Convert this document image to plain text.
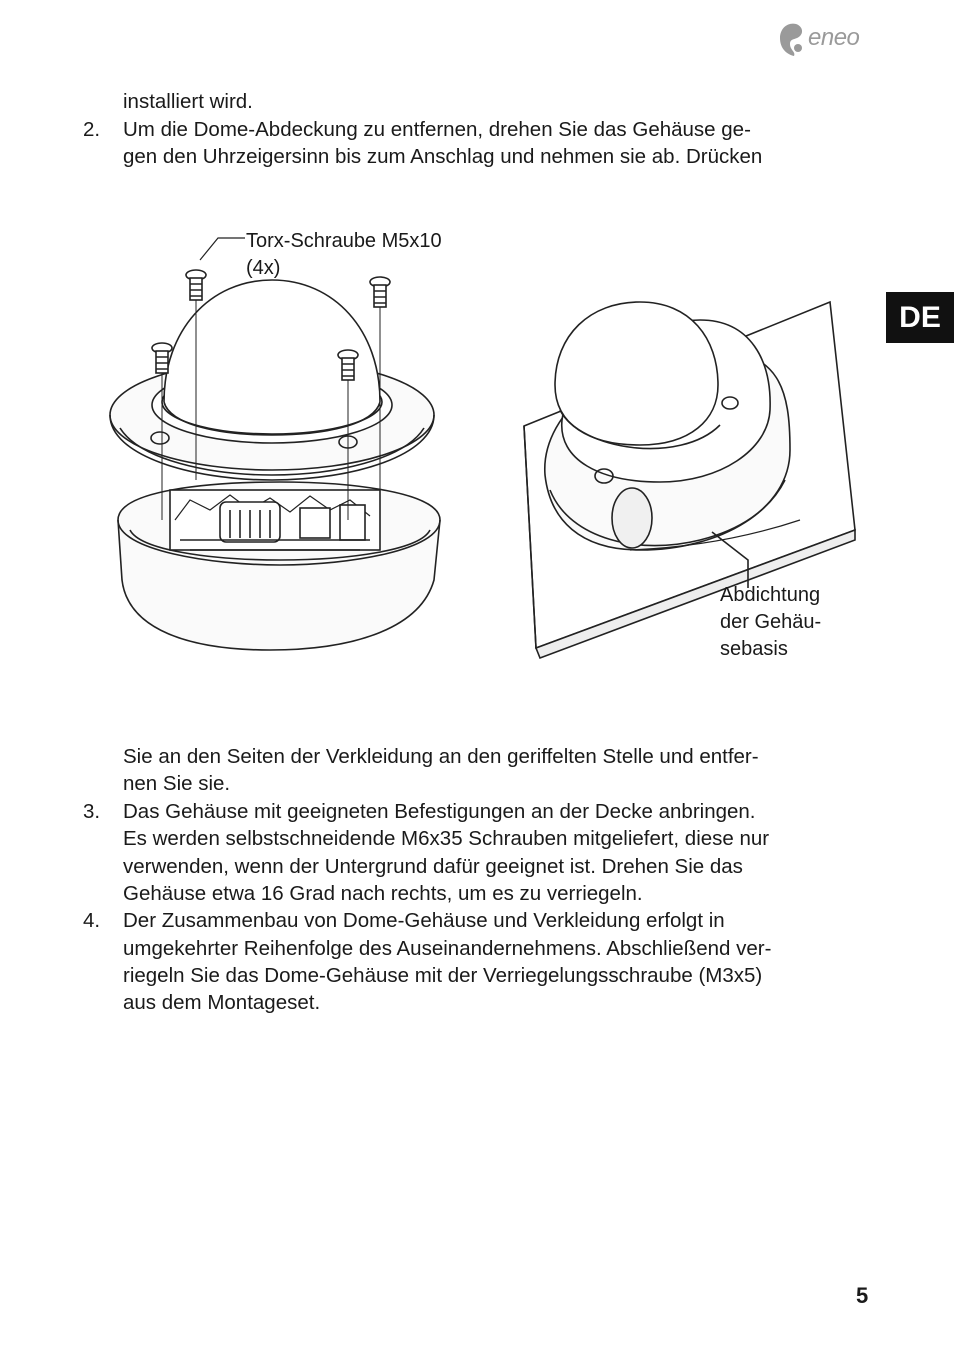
eneo
DE
installiert wird.
2. Um die Dome-Abdeckung zu entfernen, drehen Sie das Gehäuse ge-
gen den Uhrzeigersinn bis zum Anschlag und nehmen sie ab. Drücken
Torx-Schraube M5x10
(4x)
Abdichtung
der Gehäu-
sebasis
Sie an den Seiten der Verkleidung an den geriffelten Stelle und entfer-
nen Sie sie.
3. Das Gehäuse mit geeigneten Befestigungen an der Decke anbringen.
Es werden selbstschneidende M6x35 Schrauben mitgeliefert, diese nur
verwenden, wenn der Untergrund dafür geeignet ist. Drehen Sie das
Gehäuse etwa 16 Grad nach rechts, um es zu verriegeln.
4. Der Zusammenbau von Dome-Gehäuse und Verkleidung erfolgt in
umgekehrter Reihenfolge des Auseinandernehmens. Abschließend ver-
riegeln Sie das Dome-Gehäuse mit der Verriegelungsschraube (M3x5)
aus dem Montageset.
5
